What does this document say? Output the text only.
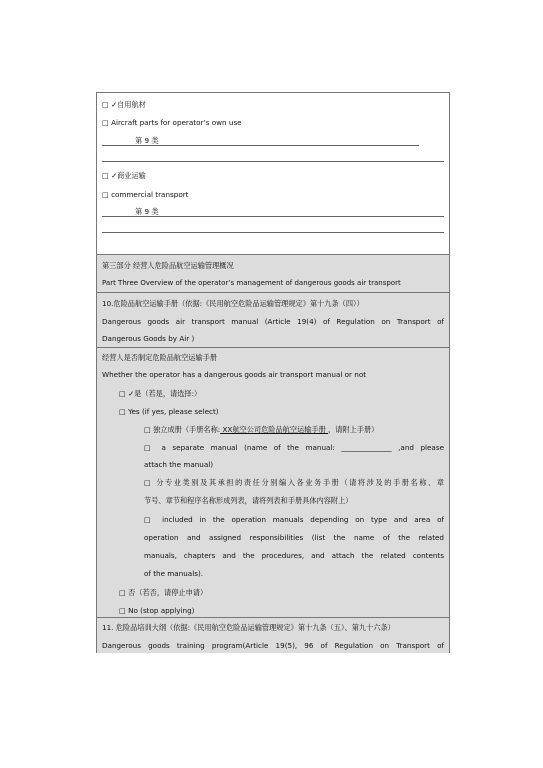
□ ✓自用航材
□ Aircraft parts for operator’s own use
第 9 类
□ ✓商业运输
□ commercial transport
第 9 类
第三部分 经营人危险品航空运输管理概况
Part Three Overview of the operator’s management of dangerous goods air transport
10.危险品航空运输手册（依据:《民用航空危险品运输管理规定》第十九条（四））
Dangerous goods air transport manual (Article 19(4) of Regulation on Transport of
Dangerous Goods by Air )
经营人是否制定危险品航空运输手册
Whether the operator has a dangerous goods air transport manual or not
□ ✓是（若是，请选择:）
□ Yes (if yes, please select)
□ 独立成册（手册名称: XX航空公司危险品航空运输手册 ，请附上手册）
□ a separate manual (name of the manual: ______________ ,and please
attach the manual)
□ 分专业类别及其承担的责任分别编入各业务手册（请将涉及的手册名称、章
节号、章节和程序名称形成列表，请将列表和手册具体内容附上）
□ included in the operation manuals depending on type and area of
operation and assigned responsibilities (list the name of the related
manuals, chapters and the procedures, and attach the related contents
of the manuals).
□ 否（若否，请停止申请）
□ No (stop applying)
11. 危险品培训大纲（依据:《民用航空危险品运输管理规定》第十九条（五）、第九十六条）
Dangerous goods training program(Article 19(5), 96 of Regulation on Transport of
